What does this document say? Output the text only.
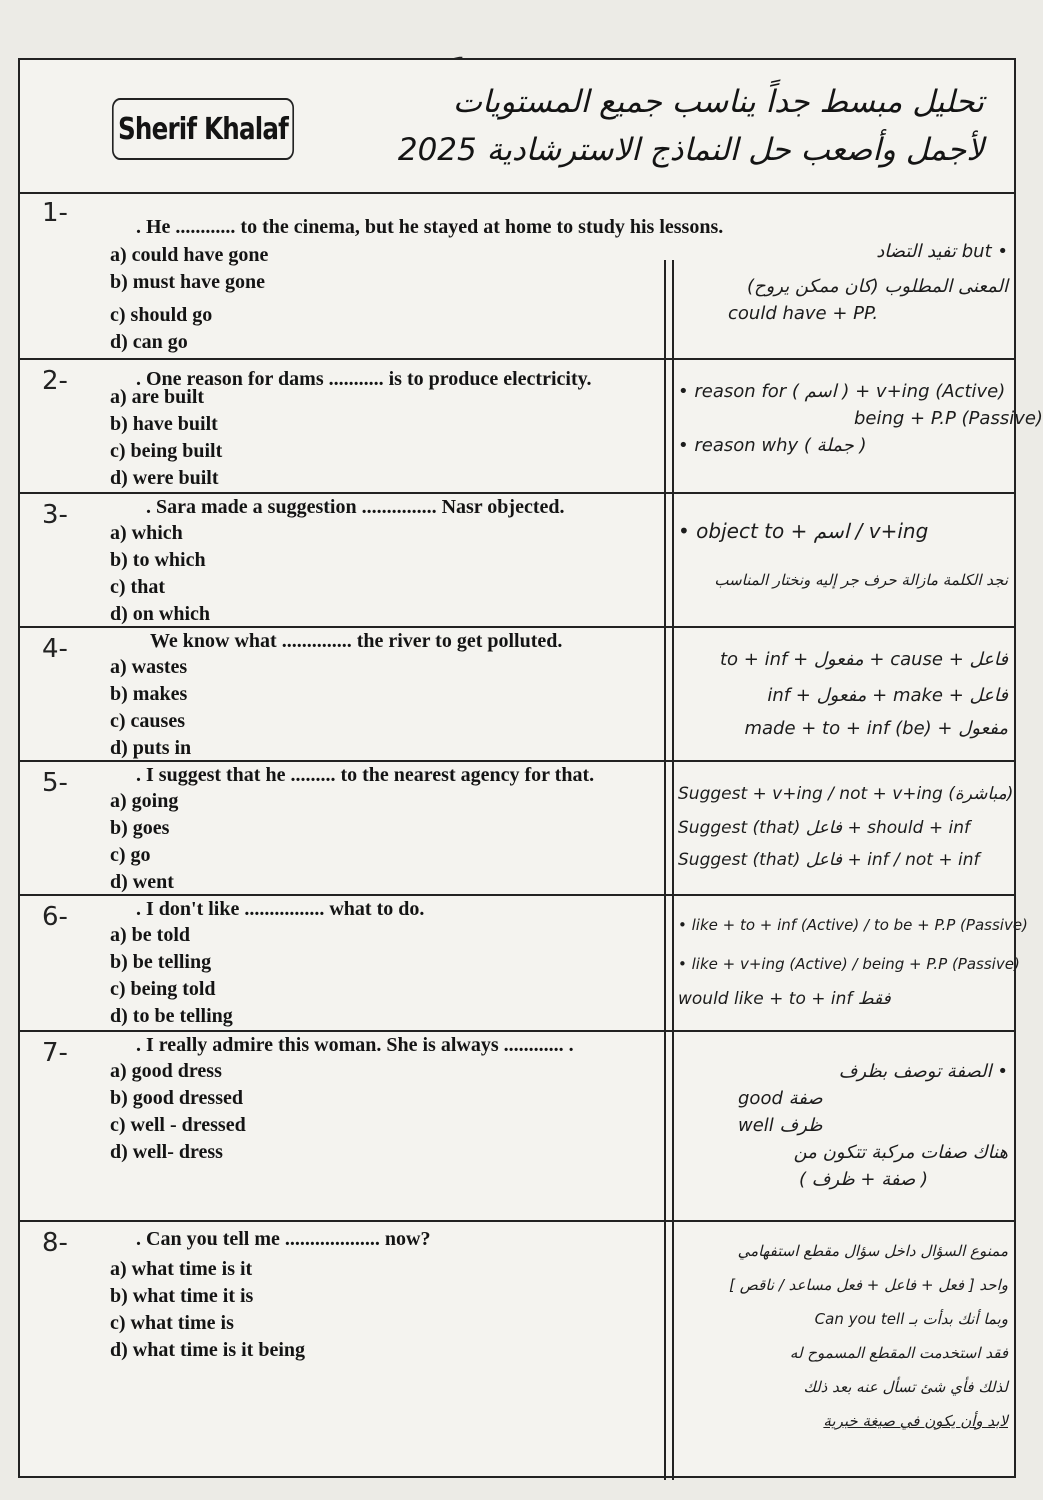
Sherif Khalaf
تحليل مبسط جداً يناسب جميع المستويات
لأجمل وأصعب حل النماذج الاسترشادية 2025
1-	. He ............ to the cinema, but he stayed at home to study his lessons.
a) could have gone
b) must have gone
c) should go
d) can go
• but تفيد التضاد
المعنى المطلوب (كان ممكن يروح)
could have + PP.
2-	. One reason for dams ........... is to produce electricity.
a) are built
b) have built
c) being built
d) were built
• reason for ( اسم ) + v+ing (Active)
being + P.P (Passive)
• reason why ( جملة )
3-	. Sara made a suggestion ............... Nasr objected.
a) which
b) to which
c) that
d) on which
• object to + اسم / v+ing
نجد الكلمة مازالة حرف جر إليه ونختار المناسب
4-	We know what .............. the river to get polluted.
a) wastes
b) makes
c) causes
d) puts in
فاعل + cause + مفعول + to + inf
فاعل + make + مفعول + inf
مفعول + (be) made + to + inf
5-	. I suggest that he ......... to the nearest agency for that.
a) going
b) goes
c) go
d) went
Suggest + v+ing / not + v+ing (مباشرة)
Suggest (that) فاعل + should + inf
Suggest (that) فاعل + inf / not + inf
6-	. I don't like ................ what to do.
a) be told
b) be telling
c) being told
d) to be telling
• like + to + inf (Active) / to be + P.P (Passive)
• like + v+ing (Active) / being + P.P (Passive)
would like + to + inf فقط
7-	. I really admire this woman. She is always ............ .
a) good dress
b) good dressed
c) well - dressed
d) well- dress
• الصفة توصف بظرف
good صفة
well ظرف
هناك صفات مركبة تتكون من
( صفة + ظرف )
8-	. Can you tell me ................... now?
a) what time is it
b) what time it is
c) what time is
d) what time is it being
ممنوع السؤال داخل سؤال مقطع استفهامي
واحد [ فعل + فاعل + فعل مساعد / ناقص ]
وبما أنك بدأت بـ Can you tell
فقد استخدمت المقطع المسموح له
لذلك فأي شئ تسأل عنه بعد ذلك
لابد وأن يكون في صيغة خبرية
